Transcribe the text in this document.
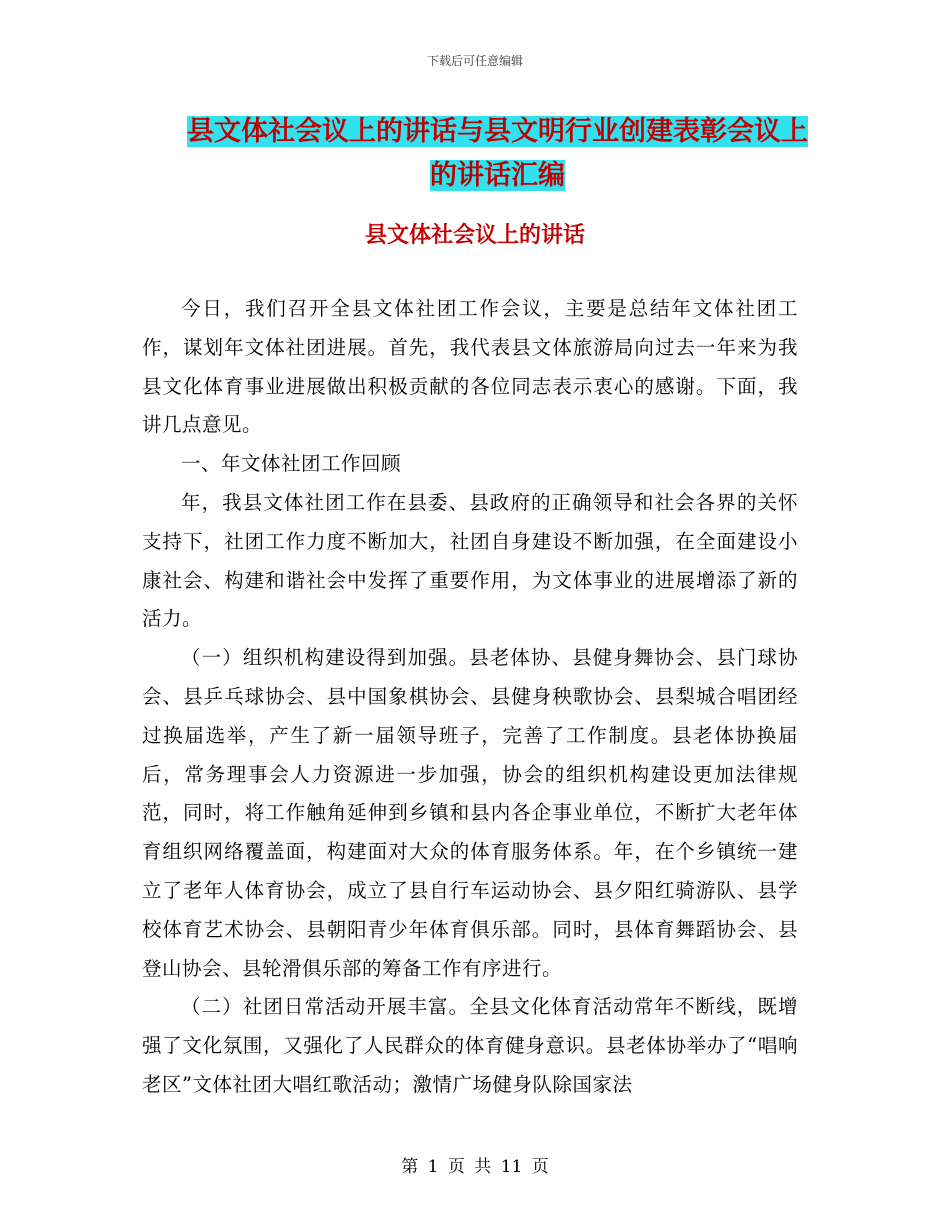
下载后可任意编辑
县文体社会议上的讲话与县文明行业创建表彰会议上
的讲话汇编
县文体社会议上的讲话

今日，我们召开全县文体社团工作会议，主要是总结年文体社团工作，谋划年文体社团进展。首先，我代表县文体旅游局向过去一年来为我县文化体育事业进展做出积极贡献的各位同志表示衷心的感谢。下面，我讲几点意见。

一、年文体社团工作回顾

年，我县文体社团工作在县委、县政府的正确领导和社会各界的关怀支持下，社团工作力度不断加大，社团自身建设不断加强，在全面建设小康社会、构建和谐社会中发挥了重要作用，为文体事业的进展增添了新的活力。

（一）组织机构建设得到加强。县老体协、县健身舞协会、县门球协会、县乒乓球协会、县中国象棋协会、县健身秧歌协会、县梨城合唱团经过换届选举，产生了新一届领导班子，完善了工作制度。县老体协换届后，常务理事会人力资源进一步加强，协会的组织机构建设更加法律规范，同时，将工作触角延伸到乡镇和县内各企事业单位，不断扩大老年体育组织网络覆盖面，构建面对大众的体育服务体系。年，在个乡镇统一建立了老年人体育协会，成立了县自行车运动协会、县夕阳红骑游队、县学校体育艺术协会、县朝阳青少年体育俱乐部。同时，县体育舞蹈协会、县登山协会、县轮滑俱乐部的筹备工作有序进行。

（二）社团日常活动开展丰富。全县文化体育活动常年不断线，既增强了文化氛围，又强化了人民群众的体育健身意识。县老体协举办了“唱响老区”文体社团大唱红歌活动；激情广场健身队除国家法

第 1 页 共 11 页
